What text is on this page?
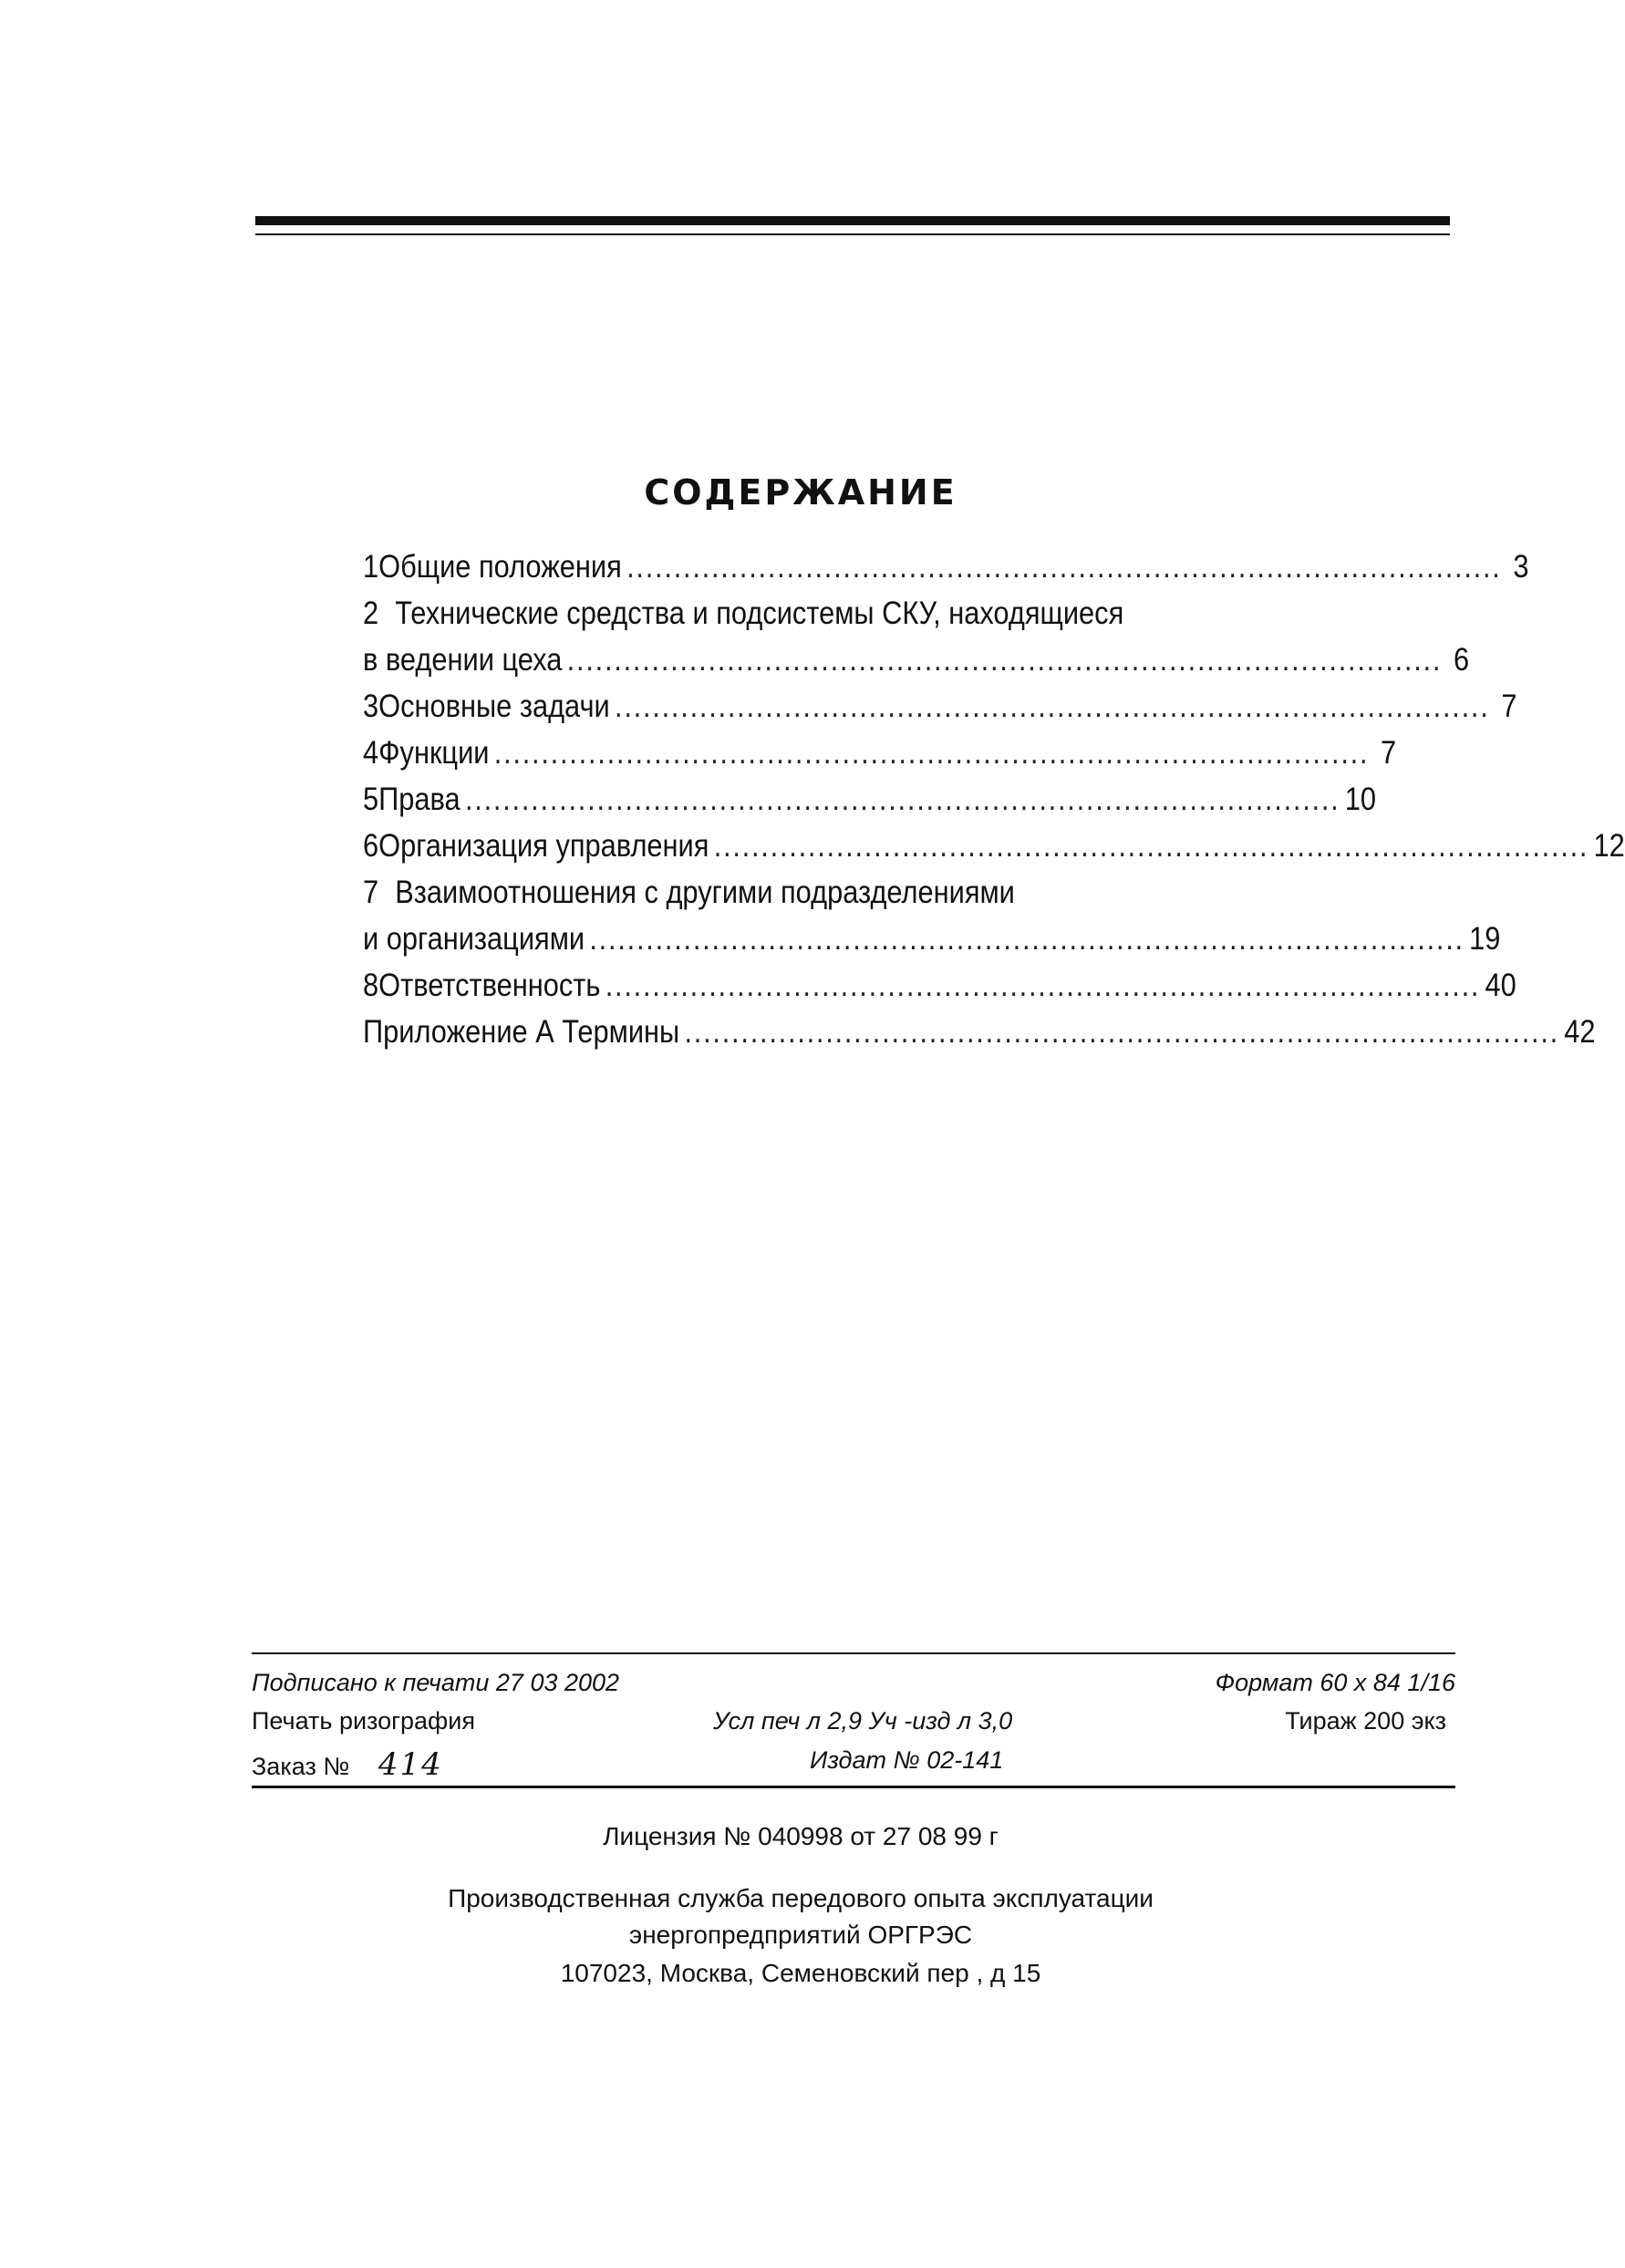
СОДЕРЖАНИЕ
1 Общие положения ............................................................................................. 3
2 Технические средства и подсистемы СКУ, находящиеся
в ведении цеха ............................................................................................. 6
3 Основные задачи ............................................................................................. 7
4 Функции ............................................................................................. 7
5 Права ............................................................................................. 10
6 Организация управления ............................................................................................. 12
7 Взаимоотношения с другими подразделениями
и организациями ............................................................................................. 19
8 Ответственность ............................................................................................. 40
Приложение А Термины ............................................................................................. 42
Подписано к печати 27 03 2002	Формат 60 х 84 1/16
Печать ризография	Усл печ л 2,9 Уч -изд л 3,0	Тираж 200 экз
Заказ № 414	Издат № 02-141
Лицензия № 040998 от 27 08 99 г
Производственная служба передового опыта эксплуатации
энергопредприятий ОРГРЭС
107023, Москва, Семеновский пер , д 15
